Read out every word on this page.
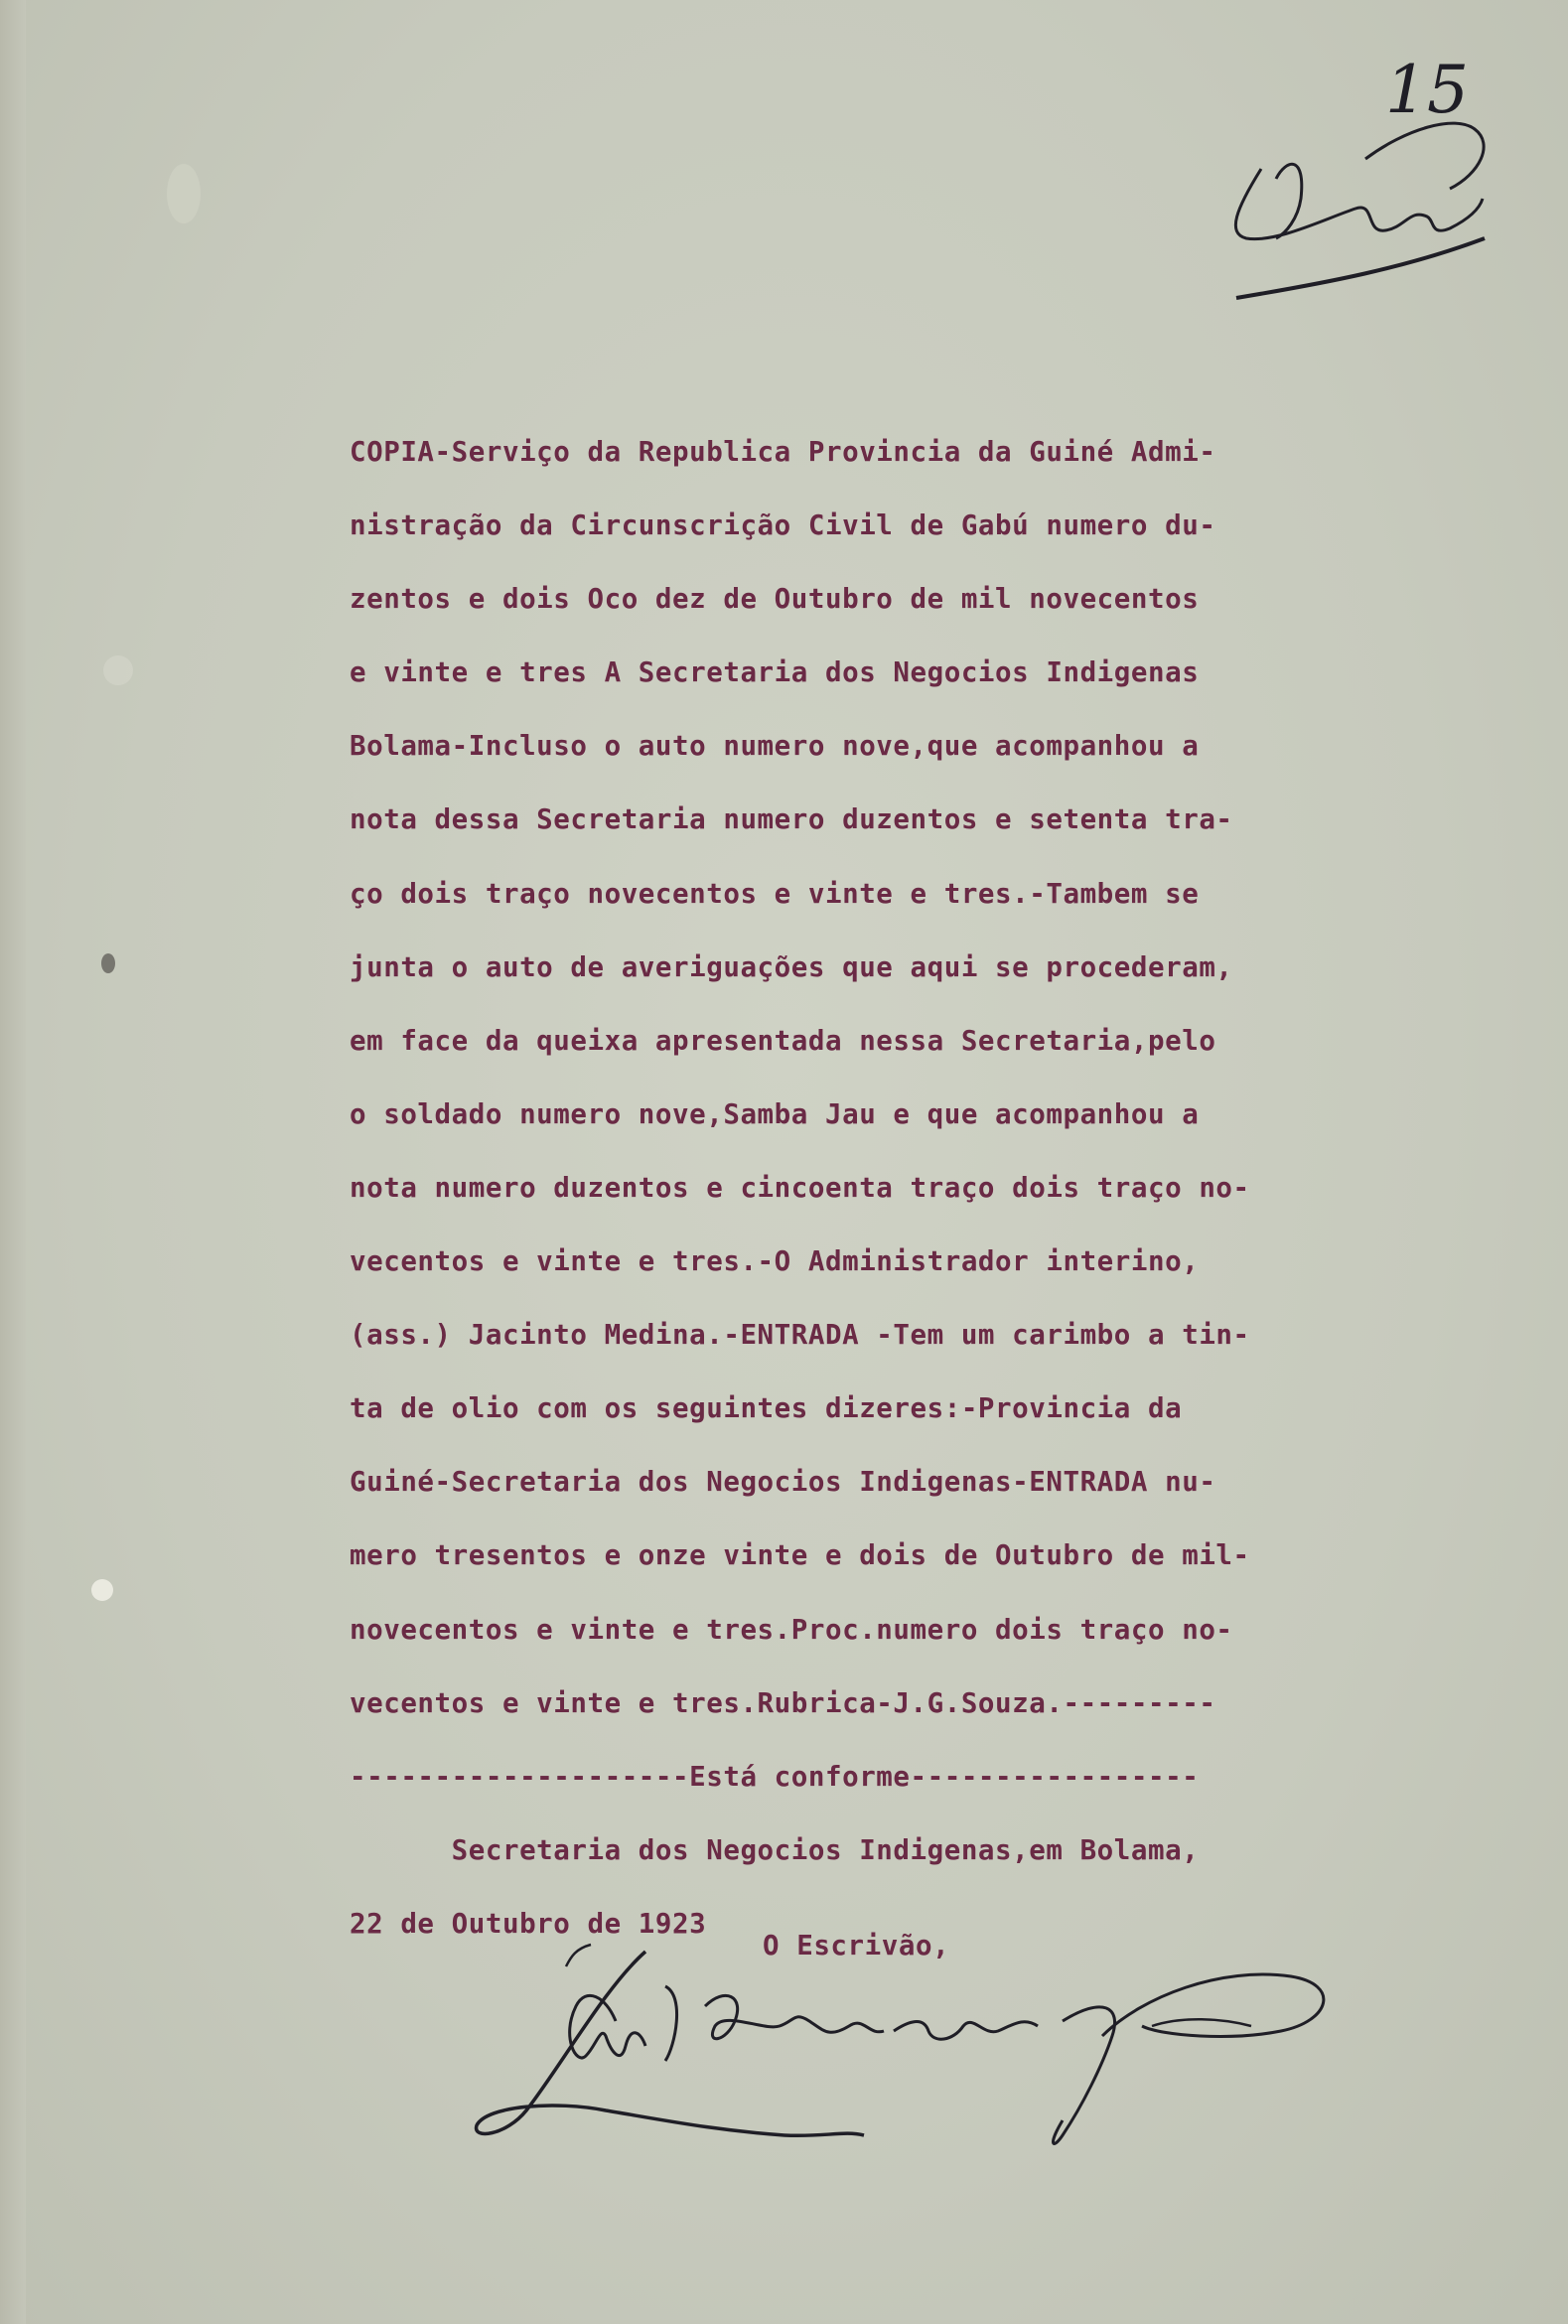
15
COPIA-Serviço da Republica Provincia da Guiné Admi-
nistração da Circunscrição Civil de Gabú numero du-
zentos e dois Oco dez de Outubro de mil novecentos
e vinte e tres A Secretaria dos Negocios Indigenas
Bolama-Incluso o auto numero nove,que acompanhou a
nota dessa Secretaria numero duzentos e setenta tra-
ço dois traço novecentos e vinte e tres.-Tambem se
junta o auto de averiguações que aqui se procederam,
em face da queixa apresentada nessa Secretaria,pelo
o soldado numero nove,Samba Jau e que acompanhou a
nota numero duzentos e cincoenta traço dois traço no-
vecentos e vinte e tres.-O Administrador interino,
(ass.) Jacinto Medina.-ENTRADA -Tem um carimbo a tin-
ta de olio com os seguintes dizeres:-Provincia da
Guiné-Secretaria dos Negocios Indigenas-ENTRADA nu-
mero tresentos e onze vinte e dois de Outubro de mil-
novecentos e vinte e tres.Proc.numero dois traço no-
vecentos e vinte e tres.Rubrica-J.G.Souza.---------
--------------------Está conforme-----------------
Secretaria dos Negocios Indigenas,em Bolama,
22 de Outubro de 1923
O Escrivão,
